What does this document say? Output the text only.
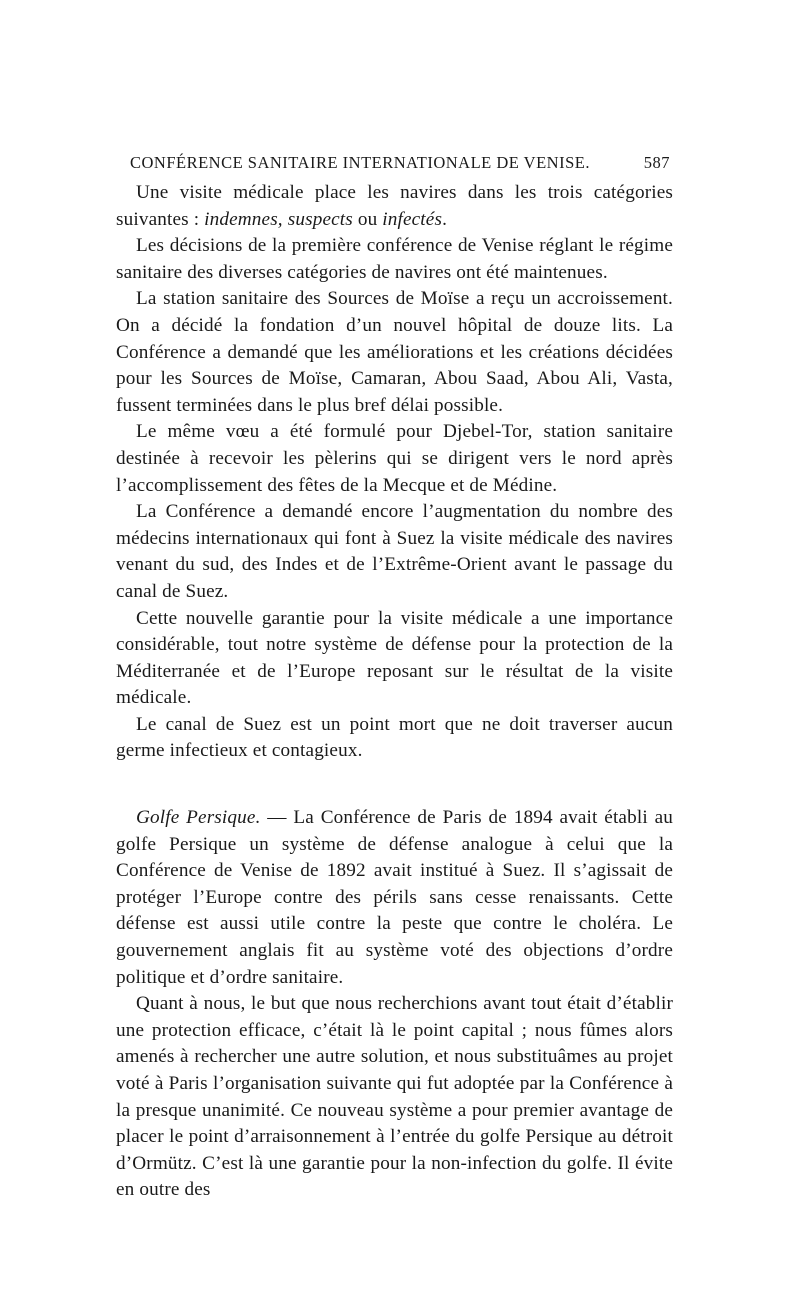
CONFÉRENCE SANITAIRE INTERNATIONALE DE VENISE.	587

Une visite médicale place les navires dans les trois catégories suivantes : indemnes, suspects ou infectés.

Les décisions de la première conférence de Venise réglant le régime sanitaire des diverses catégories de navires ont été maintenues.

La station sanitaire des Sources de Moïse a reçu un accroissement. On a décidé la fondation d’un nouvel hôpital de douze lits. La Conférence a demandé que les améliorations et les créations décidées pour les Sources de Moïse, Camaran, Abou Saad, Abou Ali, Vasta, fussent terminées dans le plus bref délai possible.

Le même vœu a été formulé pour Djebel-Tor, station sanitaire destinée à recevoir les pèlerins qui se dirigent vers le nord après l’accomplissement des fêtes de la Mecque et de Médine.

La Conférence a demandé encore l’augmentation du nombre des médecins internationaux qui font à Suez la visite médicale des navires venant du sud, des Indes et de l’Extrême-Orient avant le passage du canal de Suez.

Cette nouvelle garantie pour la visite médicale a une importance considérable, tout notre système de défense pour la protection de la Méditerranée et de l’Europe reposant sur le résultat de la visite médicale.

Le canal de Suez est un point mort que ne doit traverser aucun germe infectieux et contagieux.

Golfe Persique. — La Conférence de Paris de 1894 avait établi au golfe Persique un système de défense analogue à celui que la Conférence de Venise de 1892 avait institué à Suez. Il s’agissait de protéger l’Europe contre des périls sans cesse renaissants. Cette défense est aussi utile contre la peste que contre le choléra. Le gouvernement anglais fit au système voté des objections d’ordre politique et d’ordre sanitaire.

Quant à nous, le but que nous recherchions avant tout était d’établir une protection efficace, c’était là le point capital ; nous fûmes alors amenés à rechercher une autre solution, et nous substituâmes au projet voté à Paris l’organisation suivante qui fut adoptée par la Conférence à la presque unanimité. Ce nouveau système a pour premier avantage de placer le point d’arraisonnement à l’entrée du golfe Persique au détroit d’Ormütz. C’est là une garantie pour la non-infection du golfe. Il évite en outre des
